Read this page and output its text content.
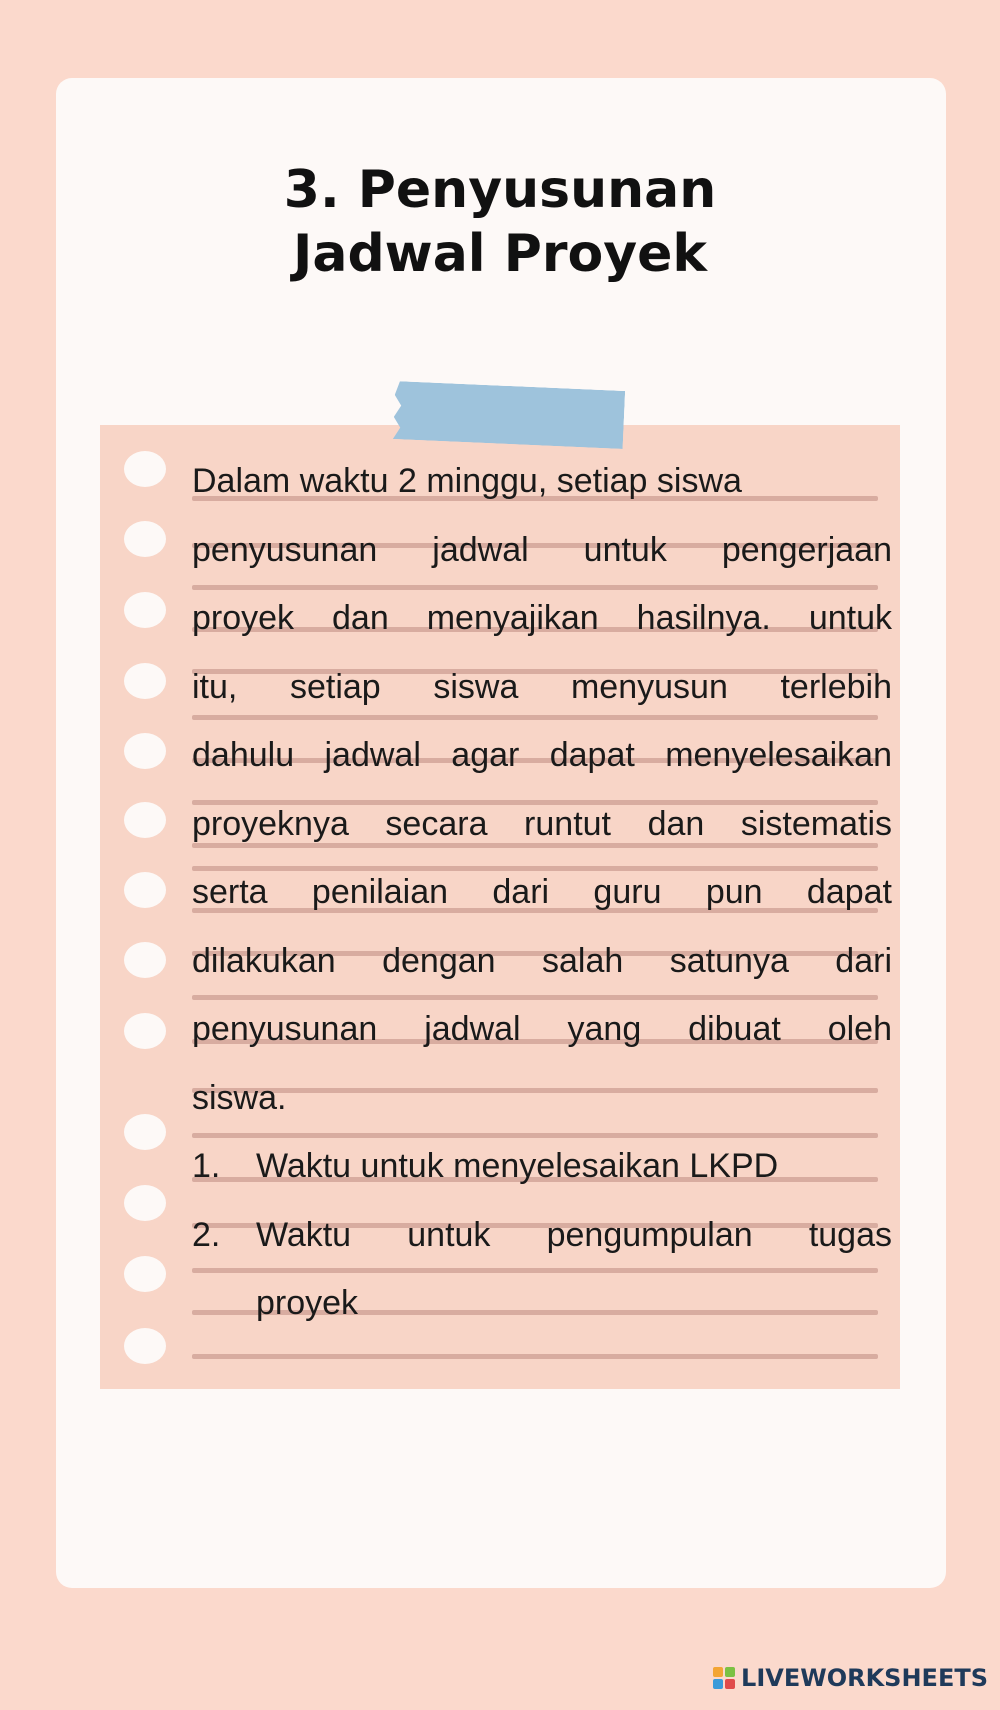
3. Penyusunan
Jadwal Proyek
Dalam waktu 2 minggu, setiap siswa
penyusunan jadwal untuk pengerjaan
proyek dan menyajikan hasilnya. untuk
itu, setiap siswa menyusun terlebih
dahulu jadwal agar dapat menyelesaikan
proyeknya secara runtut dan sistematis
serta penilaian dari guru pun dapat
dilakukan dengan salah satunya dari
penyusunan jadwal yang dibuat oleh
siswa.
1.	Waktu untuk menyelesaikan LKPD
2.	Waktu untuk pengumpulan tugas
proyek
LIVEWORKSHEETS
